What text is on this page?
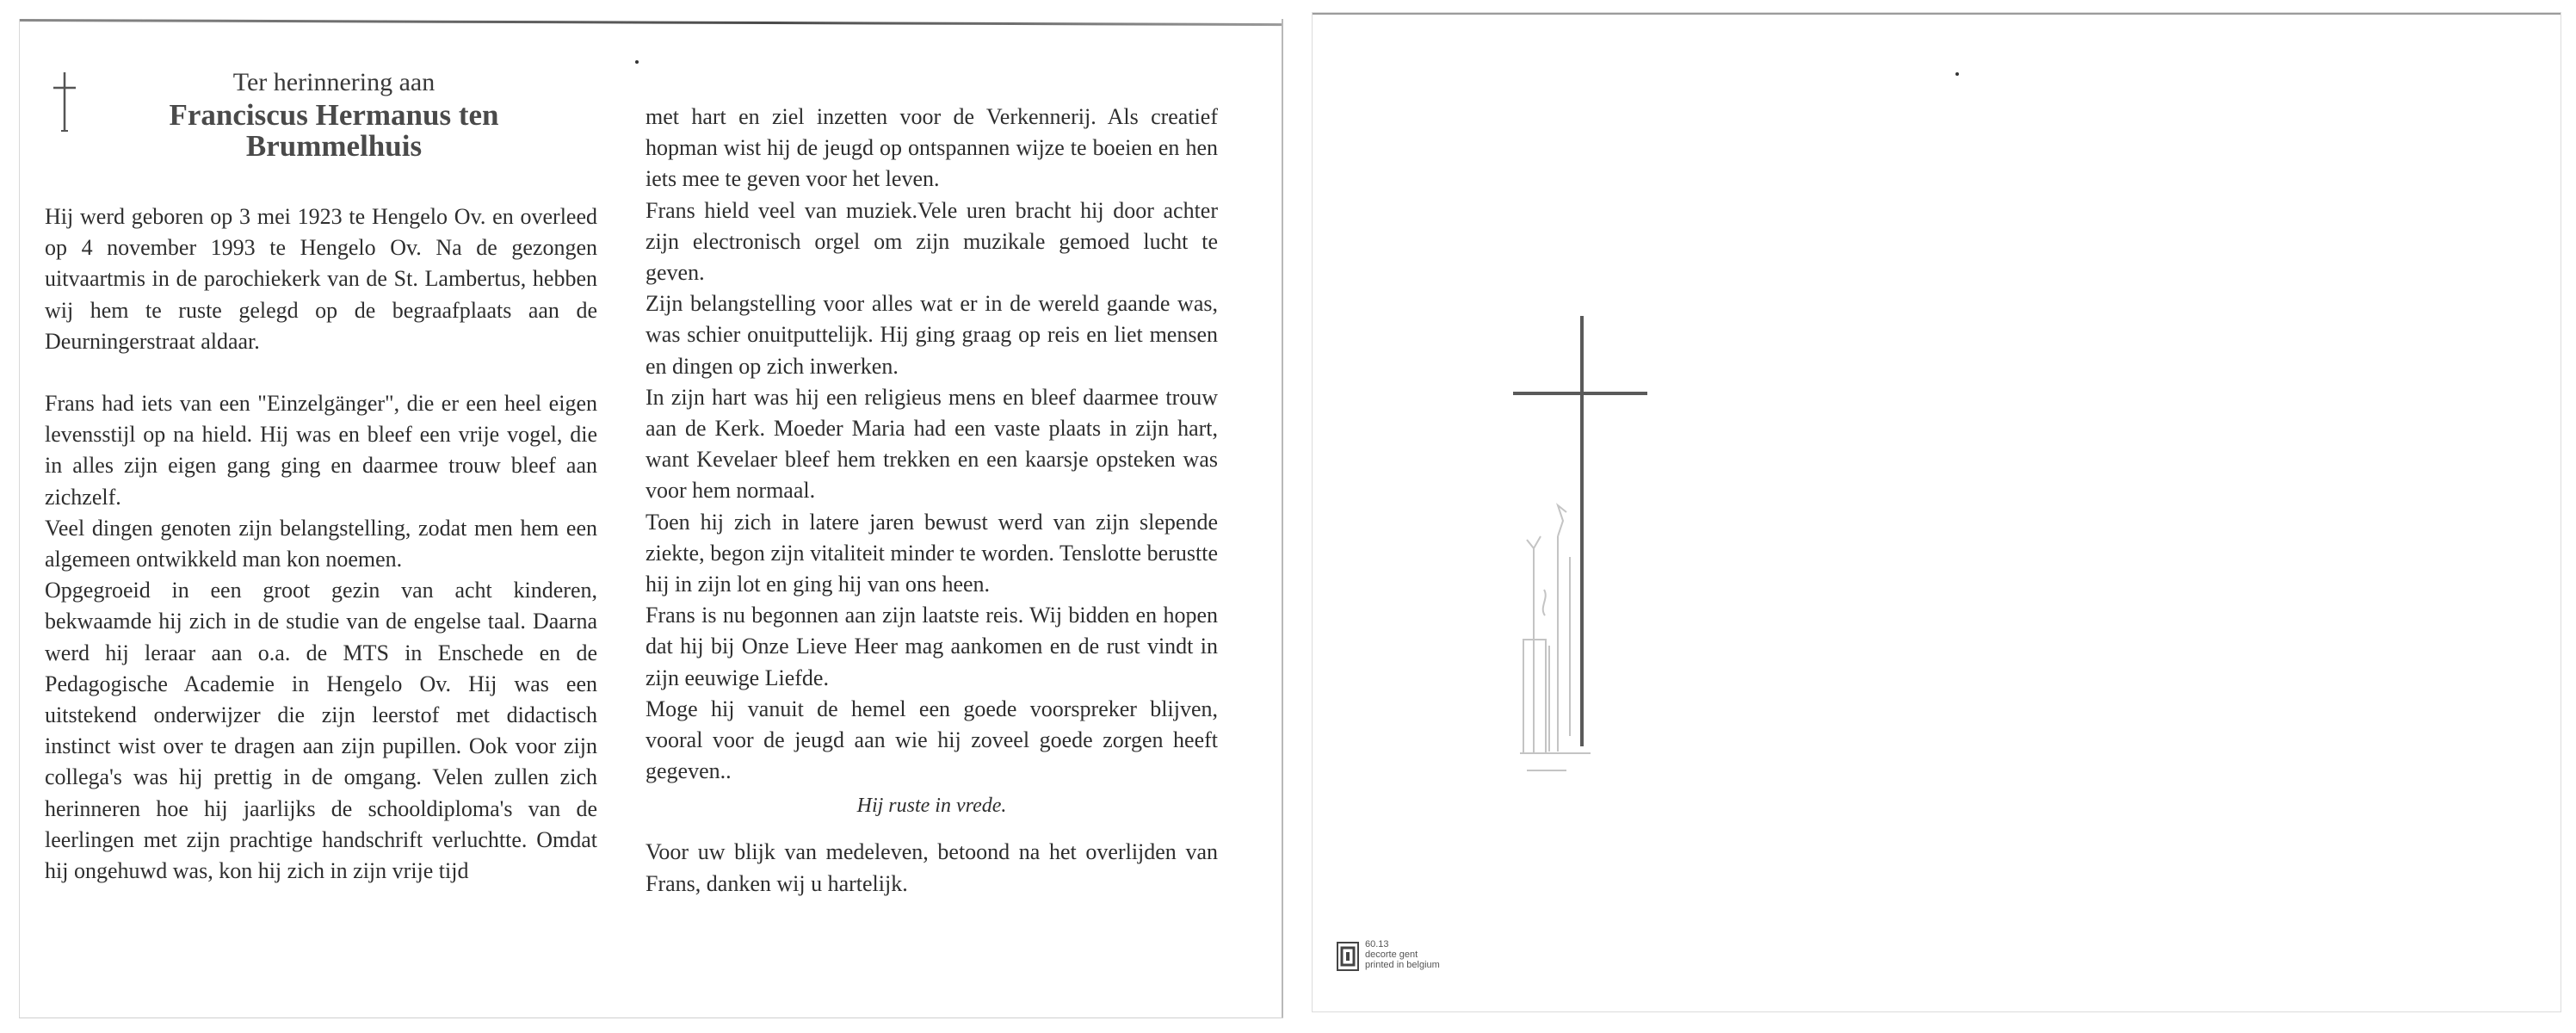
Ter herinnering aan
Franciscus Hermanus ten
Brummelhuis

Hij werd geboren op 3 mei 1923 te Hengelo Ov. en overleed op 4 november 1993 te Hengelo Ov. Na de gezongen uitvaartmis in de parochiekerk van de St. Lambertus, hebben wij hem te ruste gelegd op de begraafplaats aan de Deurningerstraat aldaar.

Frans had iets van een "Einzelgänger", die er een heel eigen levensstijl op na hield. Hij was en bleef een vrije vogel, die in alles zijn eigen gang ging en daarmee trouw bleef aan zichzelf.

Veel dingen genoten zijn belangstelling, zodat men hem een algemeen ontwikkeld man kon noemen.

Opgegroeid in een groot gezin van acht kinderen, bekwaamde hij zich in de studie van de engelse taal. Daarna werd hij leraar aan o.a. de MTS in Enschede en de Pedagogische Academie in Hengelo Ov. Hij was een uitstekend onderwijzer die zijn leerstof met didactisch instinct wist over te dragen aan zijn pupillen. Ook voor zijn collega's was hij prettig in de omgang. Velen zullen zich herinneren hoe hij jaarlijks de schooldiploma's van de leerlingen met zijn prachtige handschrift verluchtte. Omdat hij ongehuwd was, kon hij zich in zijn vrije tijd

met hart en ziel inzetten voor de Verkennerij. Als creatief hopman wist hij de jeugd op ontspannen wijze te boeien en hen iets mee te geven voor het leven.

Frans hield veel van muziek.Vele uren bracht hij door achter zijn electronisch orgel om zijn muzikale gemoed lucht te geven.

Zijn belangstelling voor alles wat er in de wereld gaande was, was schier onuitputtelijk. Hij ging graag op reis en liet mensen en dingen op zich inwerken.

In zijn hart was hij een religieus mens en bleef daarmee trouw aan de Kerk. Moeder Maria had een vaste plaats in zijn hart, want Kevelaer bleef hem trekken en een kaarsje opsteken was voor hem normaal.

Toen hij zich in latere jaren bewust werd van zijn slepende ziekte, begon zijn vitaliteit minder te worden. Tenslotte berustte hij in zijn lot en ging hij van ons heen.

Frans is nu begonnen aan zijn laatste reis. Wij bidden en hopen dat hij bij Onze Lieve Heer mag aankomen en de rust vindt in zijn eeuwige Liefde.

Moge hij vanuit de hemel een goede voorspreker blijven, vooral voor de jeugd aan wie hij zoveel goede zorgen heeft gegeven..

Hij ruste in vrede.

Voor uw blijk van medeleven, betoond na het overlijden van Frans, danken wij u hartelijk.

60.13
decorte gent
printed in belgium
